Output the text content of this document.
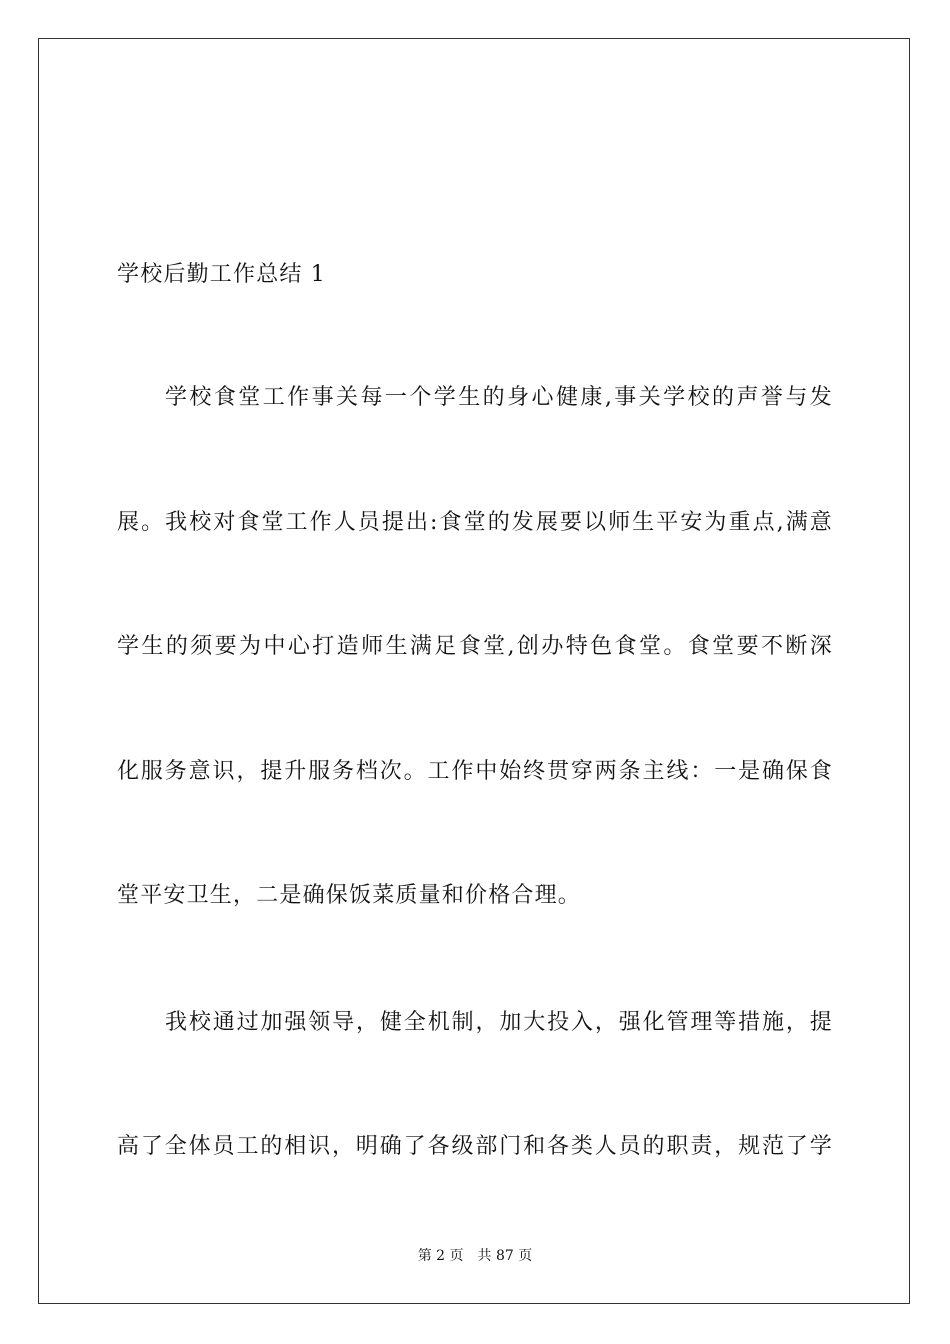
学校后勤工作总结 1
学校食堂工作事关每一个学生的身心健康,事关学校的声誉与发
展。我校对食堂工作人员提出:食堂的发展要以师生平安为重点,满意
学生的须要为中心打造师生满足食堂,创办特色食堂。食堂要不断深
化服务意识，提升服务档次。工作中始终贯穿两条主线：一是确保食
堂平安卫生，二是确保饭菜质量和价格合理。
我校通过加强领导，健全机制，加大投入，强化管理等措施，提
高了全体员工的相识，明确了各级部门和各类人员的职责，规范了学
第 2 页 共 87 页
